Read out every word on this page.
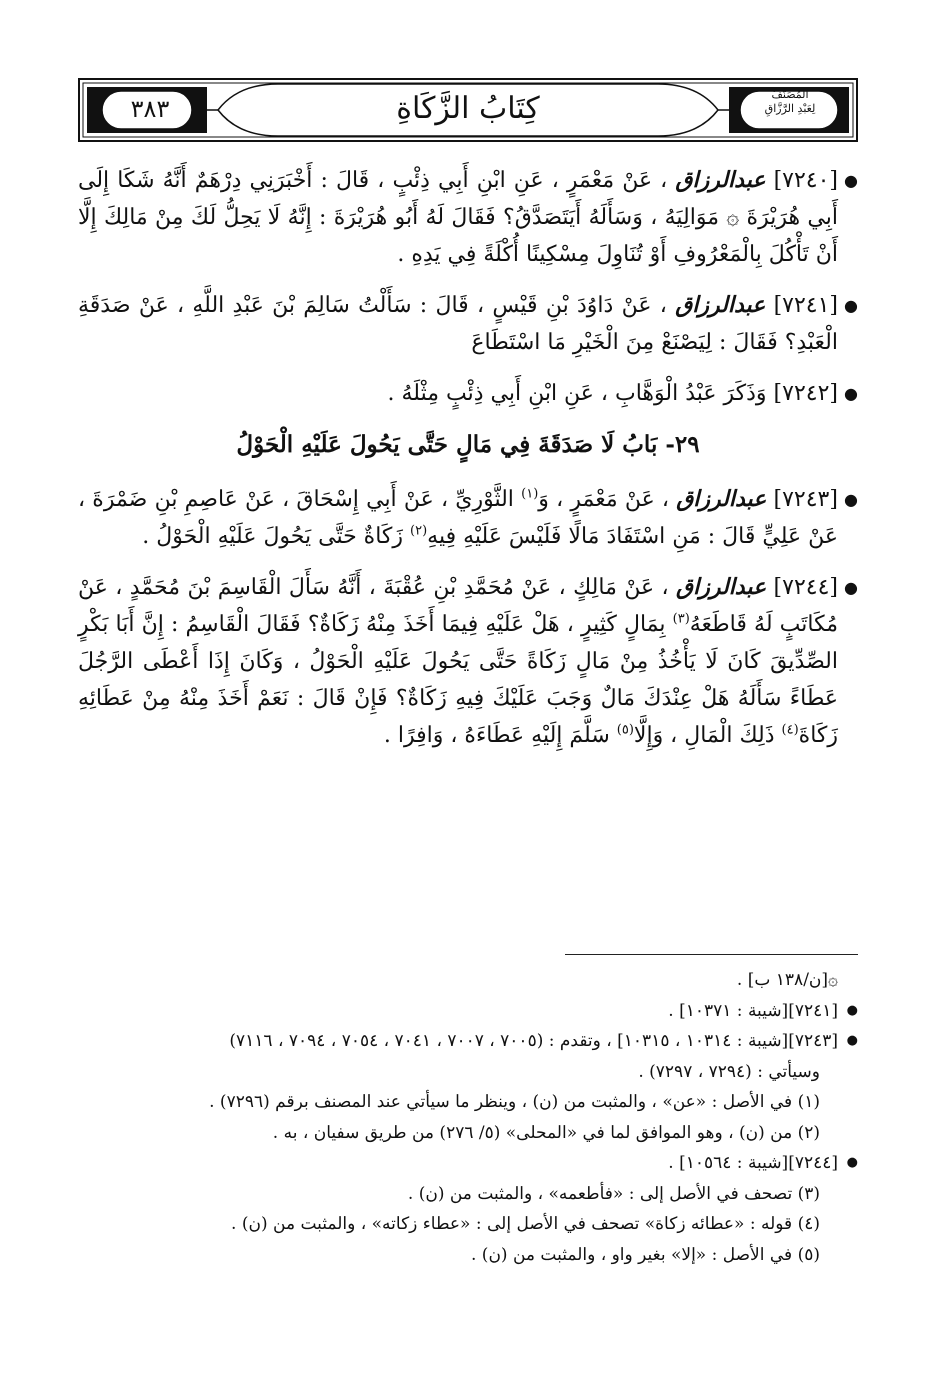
٣٨٣	كِتَابُ الزَّكَاةِ	المُصَنَّفُ
لِعَبْدِ الرَّزَّاقِ
●
[٧٢٤٠] عبدالرزاق ، عَنْ مَعْمَرٍ ، عَنِ ابْنِ أَبِي ذِئْبٍ ، قَالَ : أَخْبَرَنِي دِرْهَمٌ أَنَّهُ شَكَا إِلَى أَبِي هُرَيْرَةَ ۞ مَوَالِيَهُ ، وَسَأَلَهُ أَيَتَصَدَّقُ؟ فَقَالَ لَهُ أَبُو هُرَيْرَةَ : إِنَّهُ لَا يَحِلُّ لَكَ مِنْ مَالِكَ إِلَّا أَنْ تَأْكُلَ بِالْمَعْرُوفِ أَوْ تُنَاوِلَ مِسْكِينًا أُكْلَةً فِي يَدِهِ .
●
[٧٢٤١] عبدالرزاق ، عَنْ دَاوُدَ بْنِ قَيْسٍ ، قَالَ : سَأَلْتُ سَالِمَ بْنَ عَبْدِ اللَّهِ ، عَنْ صَدَقَةِ الْعَبْدِ؟ فَقَالَ : لِيَصْنَعْ مِنَ الْخَيْرِ مَا اسْتَطَاعَ
●
[٧٢٤٢] وَذَكَرَ عَبْدُ الْوَهَّابِ ، عَنِ ابْنِ أَبِي ذِئْبٍ مِثْلَهُ .
٢٩- بَابُ لَا صَدَقَةَ فِي مَالٍ حَتَّى يَحُولَ عَلَيْهِ الْحَوْلُ
●
[٧٢٤٣] عبدالرزاق ، عَنْ مَعْمَرٍ ، وَ$^{(١)}$ الثَّوْرِيِّ ، عَنْ أَبِي إِسْحَاقَ ، عَنْ عَاصِمِ بْنِ ضَمْرَةَ ، عَنْ عَلِيٍّ قَالَ : مَنِ اسْتَفَادَ مَالًا فَلَيْسَ عَلَيْهِ فِيهِ$^{(٢)}$ زَكَاةٌ حَتَّى يَحُولَ عَلَيْهِ الْحَوْلُ .
●
[٧٢٤٤] عبدالرزاق ، عَنْ مَالِكٍ ، عَنْ مُحَمَّدِ بْنِ عُقْبَةَ ، أَنَّهُ سَأَلَ الْقَاسِمَ بْنَ مُحَمَّدٍ ، عَنْ مُكَاتَبٍ لَهُ قَاطَعَهُ$^{(٣)}$ بِمَالٍ كَثِيرٍ ، هَلْ عَلَيْهِ فِيمَا أَخَذَ مِنْهُ زَكَاةٌ؟ فَقَالَ الْقَاسِمُ : إِنَّ أَبَا بَكْرٍ الصِّدِّيقَ كَانَ لَا يَأْخُذُ مِنْ مَالٍ زَكَاةً حَتَّى يَحُولَ عَلَيْهِ الْحَوْلُ ، وَكَانَ إِذَا أَعْطَى الرَّجُلَ عَطَاءً سَأَلَهُ هَلْ عِنْدَكَ مَالٌ وَجَبَ عَلَيْكَ فِيهِ زَكَاةٌ؟ فَإِنْ قَالَ : نَعَمْ أَخَذَ مِنْهُ مِنْ عَطَائِهِ زَكَاةَ$^{(٤)}$ ذَلِكَ الْمَالِ ، وَإِلَّا$^{(٥)}$ سَلَّمَ إِلَيْهِ عَطَاءَهُ ، وَافِرًا .
۞[ن/١٣٨ ب] .
●
[٧٢٤١][شيبة : ١٠٣٧١] .
●
[٧٢٤٣][شيبة : ١٠٣١٤ ، ١٠٣١٥] ، وتقدم : (٧٠٠٥ ، ٧٠٠٧ ، ٧٠٤١ ، ٧٠٥٤ ، ٧٠٩٤ ، ٧١١٦)
وسيأتي : (٧٢٩٤ ، ٧٢٩٧) .
(١) في الأصل : «عن» ، والمثبت من (ن) ، وينظر ما سيأتي عند المصنف برقم (٧٢٩٦) .
(٢) من (ن) ، وهو الموافق لما في «المحلى» (٥/ ٢٧٦) من طريق سفيان ، به .
●
[٧٢٤٤][شيبة : ١٠٥٦٤] .
(٣) تصحف في الأصل إلى : «فأطعمه» ، والمثبت من (ن) .
(٤) قوله : «عطائه زكاة» تصحف في الأصل إلى : «عطاء زكاته» ، والمثبت من (ن) .
(٥) في الأصل : «إلا» بغير واو ، والمثبت من (ن) .
